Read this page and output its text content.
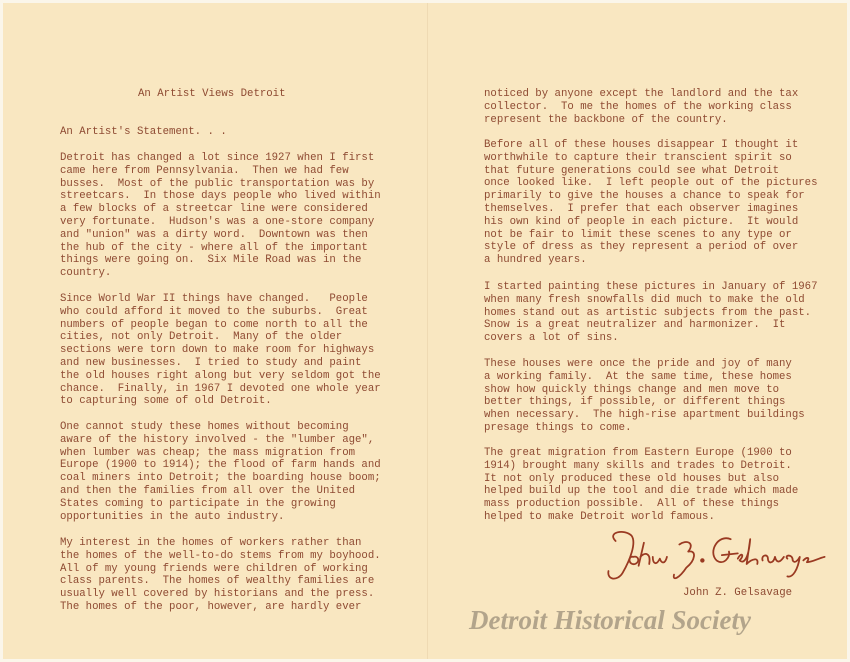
An Artist Views Detroit
An Artist's Statement. . .
Detroit has changed a lot since 1927 when I first
came here from Pennsylvania.  Then we had few
busses.  Most of the public transportation was by
streetcars.  In those days people who lived within
a few blocks of a streetcar line were considered
very fortunate.  Hudson's was a one-store company
and "union" was a dirty word.  Downtown was then
the hub of the city - where all of the important
things were going on.  Six Mile Road was in the
country.
Since World War II things have changed.   People
who could afford it moved to the suburbs.  Great
numbers of people began to come north to all the
cities, not only Detroit.  Many of the older
sections were torn down to make room for highways
and new businesses.  I tried to study and paint
the old houses right along but very seldom got the
chance.  Finally, in 1967 I devoted one whole year
to capturing some of old Detroit.
One cannot study these homes without becoming
aware of the history involved - the "lumber age",
when lumber was cheap; the mass migration from
Europe (1900 to 1914); the flood of farm hands and
coal miners into Detroit; the boarding house boom;
and then the families from all over the United
States coming to participate in the growing
opportunities in the auto industry.
My interest in the homes of workers rather than
the homes of the well-to-do stems from my boyhood.
All of my young friends were children of working
class parents.  The homes of wealthy families are
usually well covered by historians and the press.
The homes of the poor, however, are hardly ever
noticed by anyone except the landlord and the tax
collector.  To me the homes of the working class
represent the backbone of the country.
Before all of these houses disappear I thought it
worthwhile to capture their transcient spirit so
that future generations could see what Detroit
once looked like.  I left people out of the pictures
primarily to give the houses a chance to speak for
themselves.  I prefer that each observer imagines
his own kind of people in each picture.  It would
not be fair to limit these scenes to any type or
style of dress as they represent a period of over
a hundred years.
I started painting these pictures in January of 1967
when many fresh snowfalls did much to make the old
homes stand out as artistic subjects from the past.
Snow is a great neutralizer and harmonizer.  It
covers a lot of sins.
These houses were once the pride and joy of many
a working family.  At the same time, these homes
show how quickly things change and men move to
better things, if possible, or different things
when necessary.  The high-rise apartment buildings
presage things to come.
The great migration from Eastern Europe (1900 to
1914) brought many skills and trades to Detroit.
It not only produced these old houses but also
helped build up the tool and die trade which made
mass production possible.  All of these things
helped to make Detroit world famous.
John Z. Gelsavage
Detroit Historical Society
